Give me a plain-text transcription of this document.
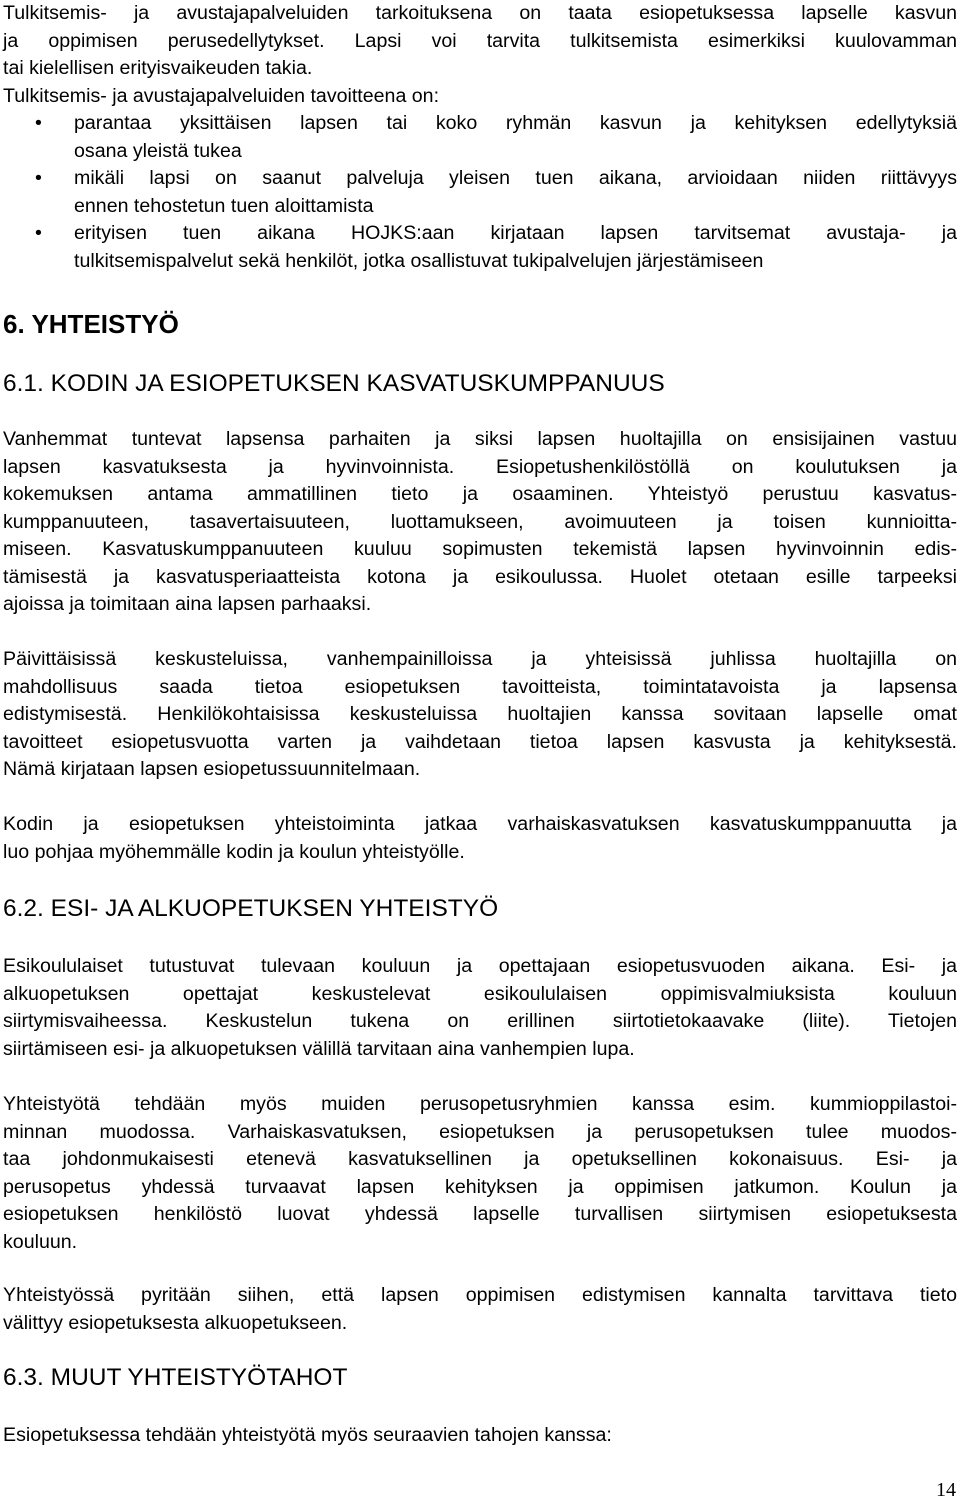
Tulkitsemis- ja avustajapalveluiden tarkoituksena on taata esiopetuksessa lapselle kasvun
ja oppimisen perusedellytykset. Lapsi voi tarvita tulkitsemista esimerkiksi kuulovamman
tai kielellisen erityisvaikeuden takia.
Tulkitsemis- ja avustajapalveluiden tavoitteena on:
• parantaa yksittäisen lapsen tai koko ryhmän kasvun ja kehityksen edellytyksiä
osana yleistä tukea
• mikäli lapsi on saanut palveluja yleisen tuen aikana, arvioidaan niiden riittävyys
ennen tehostetun tuen aloittamista
• erityisen tuen aikana HOJKS:aan kirjataan lapsen tarvitsemat avustaja- ja
tulkitsemispalvelut sekä henkilöt, jotka osallistuvat tukipalvelujen järjestämiseen
6. YHTEISTYÖ
6.1. KODIN JA ESIOPETUKSEN KASVATUSKUMPPANUUS
Vanhemmat tuntevat lapsensa parhaiten ja siksi lapsen huoltajilla on ensisijainen vastuu
lapsen kasvatuksesta ja hyvinvoinnista. Esiopetushenkilöstöllä on koulutuksen ja
kokemuksen antama ammatillinen tieto ja osaaminen. Yhteistyö perustuu kasvatus-
kumppanuuteen, tasavertaisuuteen, luottamukseen, avoimuuteen ja toisen kunnioitta-
miseen. Kasvatuskumppanuuteen kuuluu sopimusten tekemistä lapsen hyvinvoinnin edis-
tämisestä ja kasvatusperiaatteista kotona ja esikoulussa. Huolet otetaan esille tarpeeksi
ajoissa ja toimitaan aina lapsen parhaaksi.
Päivittäisissä keskusteluissa, vanhempainilloissa ja yhteisissä juhlissa huoltajilla on
mahdollisuus saada tietoa esiopetuksen tavoitteista, toimintatavoista ja lapsensa
edistymisestä. Henkilökohtaisissa keskusteluissa huoltajien kanssa sovitaan lapselle omat
tavoitteet esiopetusvuotta varten ja vaihdetaan tietoa lapsen kasvusta ja kehityksestä.
Nämä kirjataan lapsen esiopetussuunnitelmaan.
Kodin ja esiopetuksen yhteistoiminta jatkaa varhaiskasvatuksen kasvatuskumppanuutta ja
luo pohjaa myöhemmälle kodin ja koulun yhteistyölle.
6.2. ESI- JA ALKUOPETUKSEN YHTEISTYÖ
Esikoululaiset tutustuvat tulevaan kouluun ja opettajaan esiopetusvuoden aikana. Esi- ja
alkuopetuksen opettajat keskustelevat esikoululaisen oppimisvalmiuksista kouluun
siirtymisvaiheessa. Keskustelun tukena on erillinen siirtotietokaavake (liite). Tietojen
siirtämiseen esi- ja alkuopetuksen välillä tarvitaan aina vanhempien lupa.
Yhteistyötä tehdään myös muiden perusopetusryhmien kanssa esim. kummioppilastoi-
minnan muodossa. Varhaiskasvatuksen, esiopetuksen ja perusopetuksen tulee muodos-
taa johdonmukaisesti etenevä kasvatuksellinen ja opetuksellinen kokonaisuus. Esi- ja
perusopetus yhdessä turvaavat lapsen kehityksen ja oppimisen jatkumon. Koulun ja
esiopetuksen henkilöstö luovat yhdessä lapselle turvallisen siirtymisen esiopetuksesta
kouluun.
Yhteistyössä pyritään siihen, että lapsen oppimisen edistymisen kannalta tarvittava tieto
välittyy esiopetuksesta alkuopetukseen.
6.3. MUUT YHTEISTYÖTAHOT
Esiopetuksessa tehdään yhteistyötä myös seuraavien tahojen kanssa:
14
